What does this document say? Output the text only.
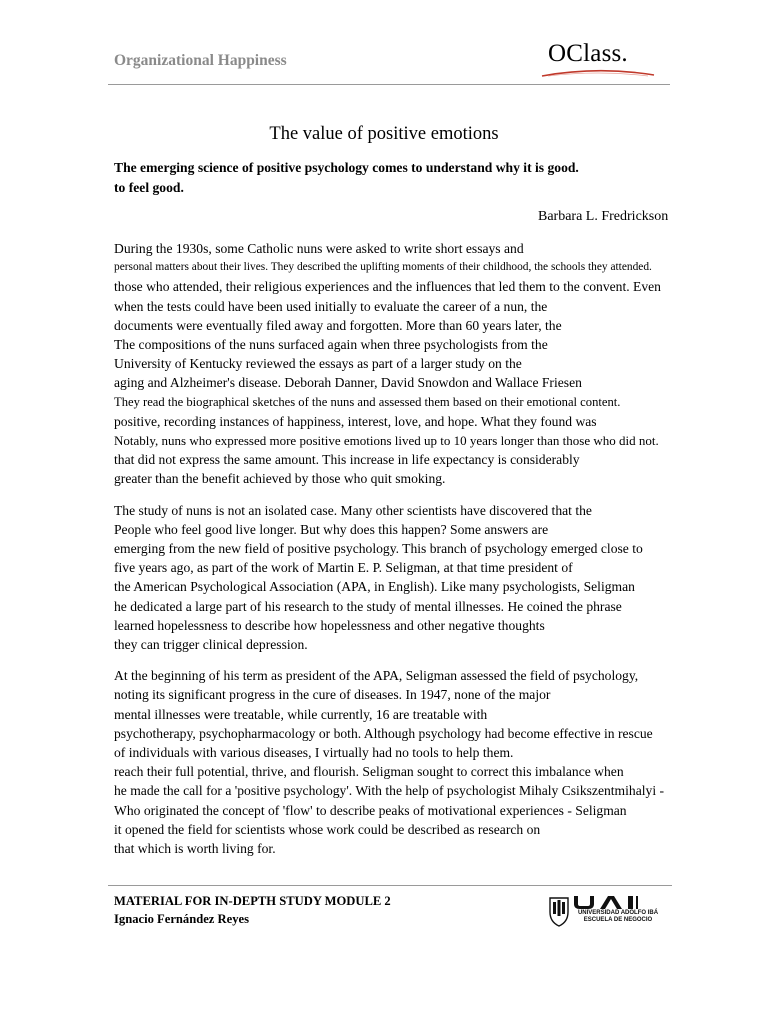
Organizational Happiness	OClass.
The value of positive emotions
The emerging science of positive psychology comes to understand why it is good.
to feel good.
Barbara L. Fredrickson
During the 1930s, some Catholic nuns were asked to write short essays and
personal matters about their lives. They described the uplifting moments of their childhood, the schools they attended.
those who attended, their religious experiences and the influences that led them to the convent. Even
when the tests could have been used initially to evaluate the career of a nun, the
documents were eventually filed away and forgotten. More than 60 years later, the
The compositions of the nuns surfaced again when three psychologists from the
University of Kentucky reviewed the essays as part of a larger study on the
aging and Alzheimer's disease. Deborah Danner, David Snowdon and Wallace Friesen
They read the biographical sketches of the nuns and assessed them based on their emotional content.
positive, recording instances of happiness, interest, love, and hope. What they found was
Notably, nuns who expressed more positive emotions lived up to 10 years longer than those who did not.
that did not express the same amount. This increase in life expectancy is considerably
greater than the benefit achieved by those who quit smoking.
The study of nuns is not an isolated case. Many other scientists have discovered that the
People who feel good live longer. But why does this happen? Some answers are
emerging from the new field of positive psychology. This branch of psychology emerged close to
five years ago, as part of the work of Martin E. P. Seligman, at that time president of
the American Psychological Association (APA, in English). Like many psychologists, Seligman
he dedicated a large part of his research to the study of mental illnesses. He coined the phrase
learned hopelessness to describe how hopelessness and other negative thoughts
they can trigger clinical depression.
At the beginning of his term as president of the APA, Seligman assessed the field of psychology,
noting its significant progress in the cure of diseases. In 1947, none of the major
mental illnesses were treatable, while currently, 16 are treatable with
psychotherapy, psychopharmacology or both. Although psychology had become effective in rescue
of individuals with various diseases, I virtually had no tools to help them.
reach their full potential, thrive, and flourish. Seligman sought to correct this imbalance when
he made the call for a 'positive psychology'. With the help of psychologist Mihaly Csikszentmihalyi -
Who originated the concept of 'flow' to describe peaks of motivational experiences - Seligman
it opened the field for scientists whose work could be described as research on
that which is worth living for.
MATERIAL FOR IN-DEPTH STUDY MODULE 2
Ignacio Fernández Reyes	UNIVERSIDAD ADOLFO IBÁ
ESCUELA DE NEGOCIO
